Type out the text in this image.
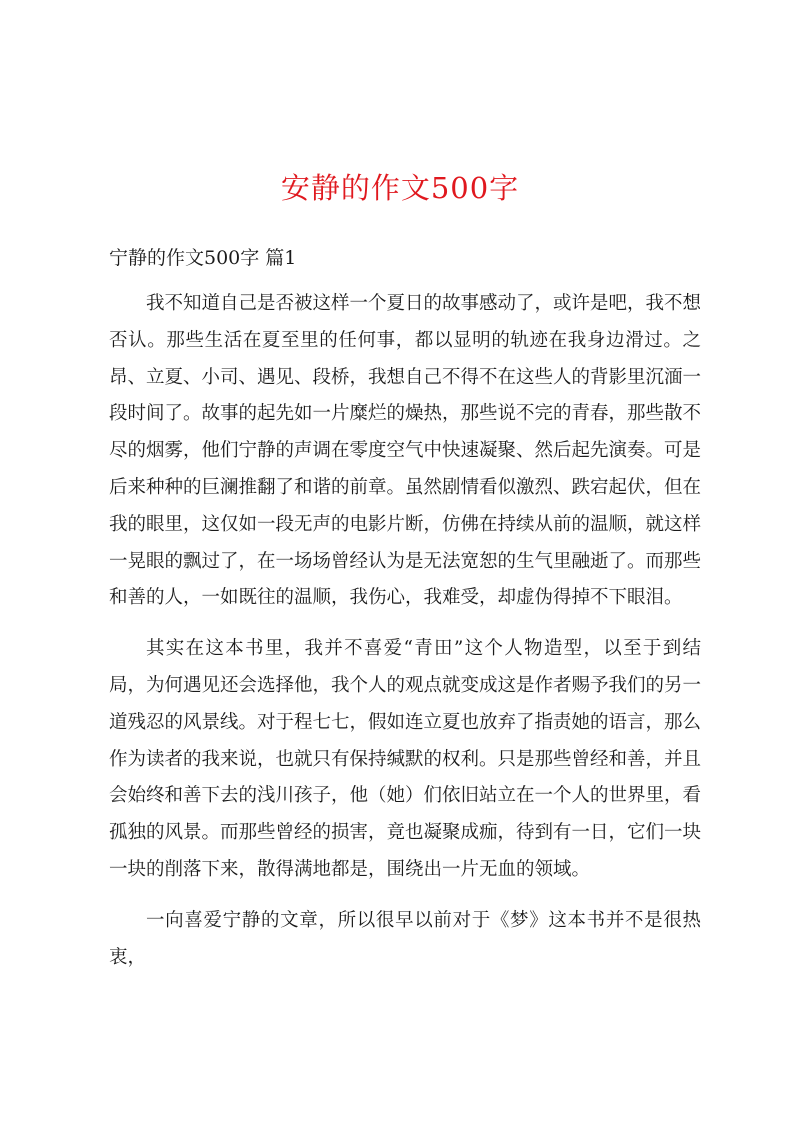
安静的作文500字
宁静的作文500字 篇1

我不知道自己是否被这样一个夏日的故事感动了，或许是吧，我不想否认。那些生活在夏至里的任何事，都以显明的轨迹在我身边滑过。之昂、立夏、小司、遇见、段桥，我想自己不得不在这些人的背影里沉湎一段时间了。故事的起先如一片糜烂的燥热，那些说不完的青春，那些散不尽的烟雾，他们宁静的声调在零度空气中快速凝聚、然后起先演奏。可是后来种种的巨澜推翻了和谐的前章。虽然剧情看似激烈、跌宕起伏，但在我的眼里，这仅如一段无声的电影片断，仿佛在持续从前的温顺，就这样一晃眼的飘过了，在一场场曾经认为是无法宽恕的生气里融逝了。而那些和善的人，一如既往的温顺，我伤心，我难受，却虚伪得掉不下眼泪。

其实在这本书里，我并不喜爱“青田”这个人物造型，以至于到结局，为何遇见还会选择他，我个人的观点就变成这是作者赐予我们的另一道残忍的风景线。对于程七七，假如连立夏也放弃了指责她的语言，那么作为读者的我来说，也就只有保持缄默的权利。只是那些曾经和善，并且会始终和善下去的浅川孩子，他（她）们依旧站立在一个人的世界里，看孤独的风景。而那些曾经的损害，竟也凝聚成痂，待到有一日，它们一块一块的削落下来，散得满地都是，围绕出一片无血的领域。

一向喜爱宁静的文章，所以很早以前对于《梦》这本书并不是很热衷，
